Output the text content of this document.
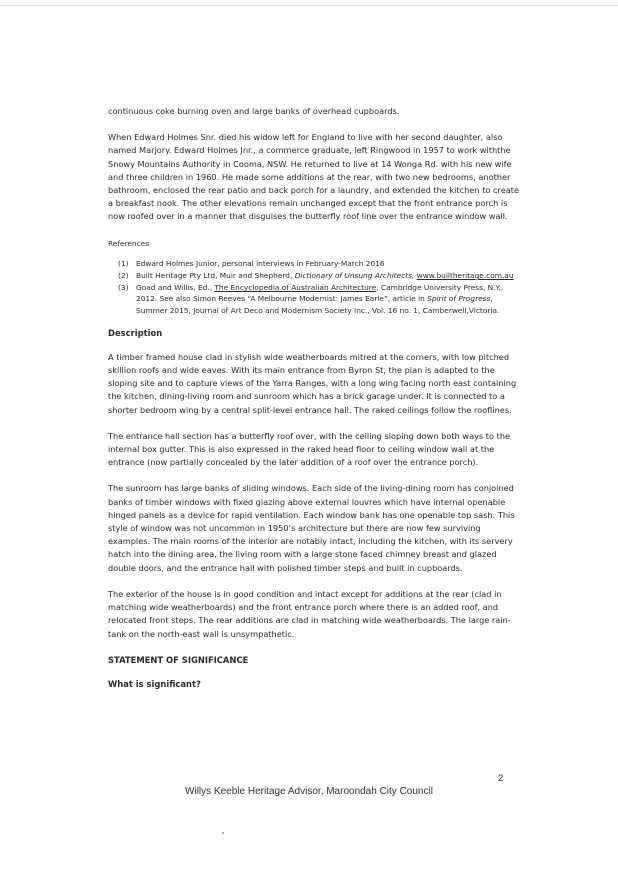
continuous coke burning oven and large banks of overhead cupboards.

When Edward Holmes Snr. died his widow left for England to live with her second daughter, also named Marjory. Edward Holmes Jnr., a commerce graduate, left Ringwood in 1957 to work withthe Snowy Mountains Authority in Cooma, NSW. He returned to live at 14 Wonga Rd. with his new wife and three children in 1960. He made some additions at the rear, with two new bedrooms, another bathroom, enclosed the rear patio and back porch for a laundry, and extended the kitchen to create a breakfast nook. The other elevations remain unchanged except that the front entrance porch is now roofed over in a manner that disguises the butterfly roof line over the entrance window wall.

References
(1)	Edward Holmes Junior, personal interviews in February-March 2016
(2)	Built Heritage Pty Ltd, Muir and Shepherd, Dictionary of Unsung Architects, www.builtheritage.com.au
(3)	Goad and Willis, Ed., The Encyclopedia of Australian Architecture, Cambridge University Press, N.Y., 2012. See also Simon Reeves “A Melbourne Modernist: James Earle”, article in Spirit of Progress, Summer 2015, Journal of Art Deco and Modernism Society Inc., Vol. 16 no. 1, Camberwell,Victoria.
Description

A timber framed house clad in stylish wide weatherboards mitred at the corners, with low pitched skillion roofs and wide eaves. With its main entrance from Byron St, the plan is adapted to the sloping site and to capture views of the Yarra Ranges, with a long wing facing north east containing the kitchen, dining-living room and sunroom which has a brick garage under. It is connected to a shorter bedroom wing by a central split-level entrance hall. The raked ceilings follow the rooflines.

The entrance hall section has a butterfly roof over, with the ceiling sloping down both ways to the internal box gutter. This is also expressed in the raked head floor to ceiling window wall at the entrance (now partially concealed by the later addition of a roof over the entrance porch).

The sunroom has large banks of sliding windows. Each side of the living-dining room has conjoined banks of timber windows with fixed glazing above external louvres which have internal openable hinged panels as a device for rapid ventilation. Each window bank has one openable top sash. This style of window was not uncommon in 1950’s architecture but there are now few surviving examples. The main rooms of the interior are notably intact, including the kitchen, with its servery hatch into the dining area, the living room with a large stone faced chimney breast and glazed double doors, and the entrance hall with polished timber steps and built in cupboards.

The exterior of the house is in good condition and intact except for additions at the rear (clad in matching wide weatherboards) and the front entrance porch where there is an added roof, and relocated front steps. The rear additions are clad in matching wide weatherboards. The large rain-tank on the north-east wall is unsympathetic.

STATEMENT OF SIGNIFICANCE
What is significant?
2
Willys Keeble Heritage Advisor, Maroondah City Council
